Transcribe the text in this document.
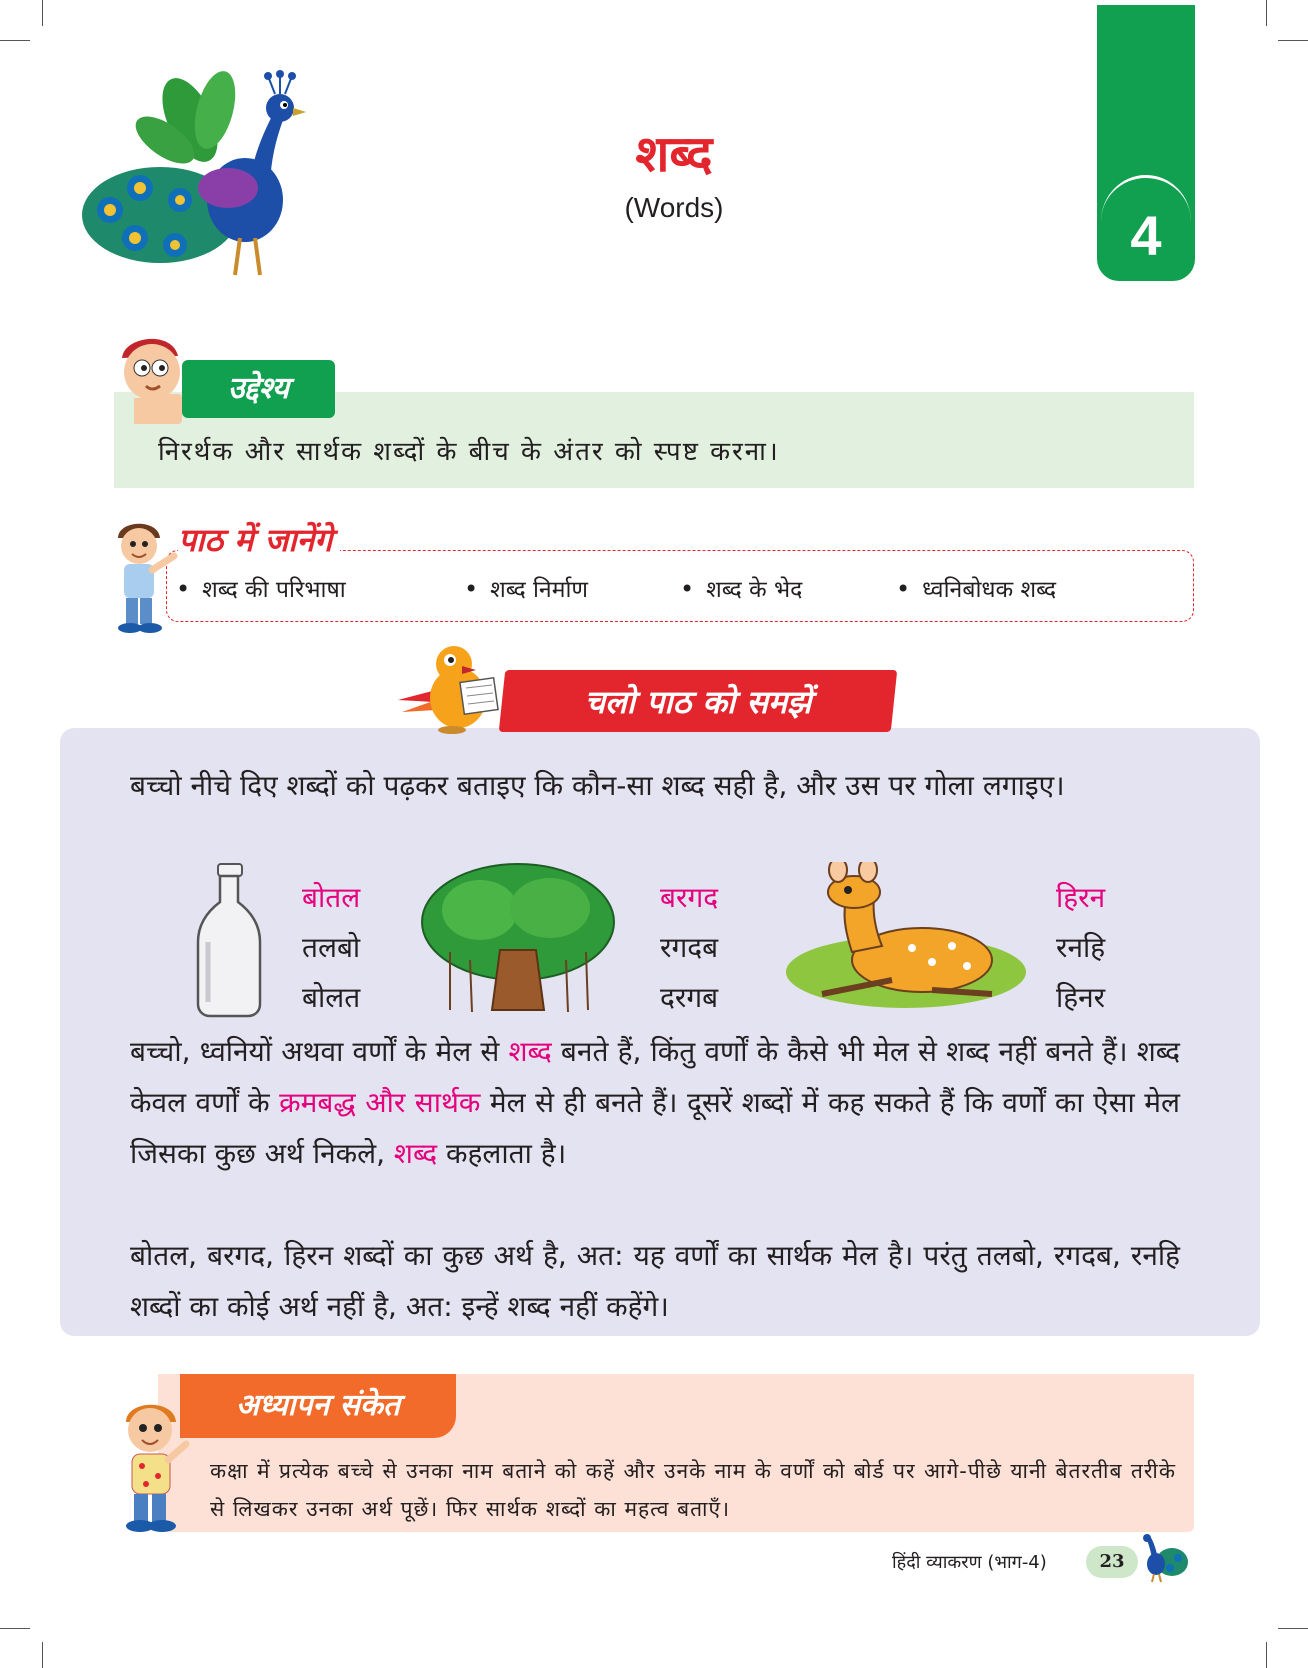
शब्द
(Words)	4
उद्देश्य
निरर्थक और सार्थक शब्दों के बीच के अंतर को स्पष्ट करना।
पाठ में जानेंगे
• शब्द की परिभाषा	• शब्द निर्माण	• शब्द के भेद	• ध्वनिबोधक शब्द
चलो पाठ को समझें
बच्चो नीचे दिए शब्दों को पढ़कर बताइए कि कौन-सा शब्द सही है, और उस पर गोला लगाइए।
बोतल
तलबो
बोलत
बरगद
रगदब
दरगब
हिरन
रनहि
हिनर
बच्चो, ध्वनियों अथवा वर्णों के मेल से शब्द बनते हैं, किंतु वर्णों के कैसे भी मेल से शब्द नहीं बनते हैं। शब्द केवल वर्णों के क्रमबद्ध और सार्थक मेल से ही बनते हैं। दूसरें शब्दों में कह सकते हैं कि वर्णों का ऐसा मेल जिसका कुछ अर्थ निकले, शब्द कहलाता है।
बोतल, बरगद, हिरन शब्दों का कुछ अर्थ है, अत: यह वर्णों का सार्थक मेल है। परंतु तलबो, रगदब, रनहि शब्दों का कोई अर्थ नहीं है, अत: इन्हें शब्द नहीं कहेंगे।
अध्यापन संकेत
कक्षा में प्रत्येक बच्चे से उनका नाम बताने को कहें और उनके नाम के वर्णों को बोर्ड पर आगे-पीछे यानी बेतरतीब तरीके से लिखकर उनका अर्थ पूछें। फिर सार्थक शब्दों का महत्व बताएँ।
हिंदी व्याकरण (भाग-4)	23
